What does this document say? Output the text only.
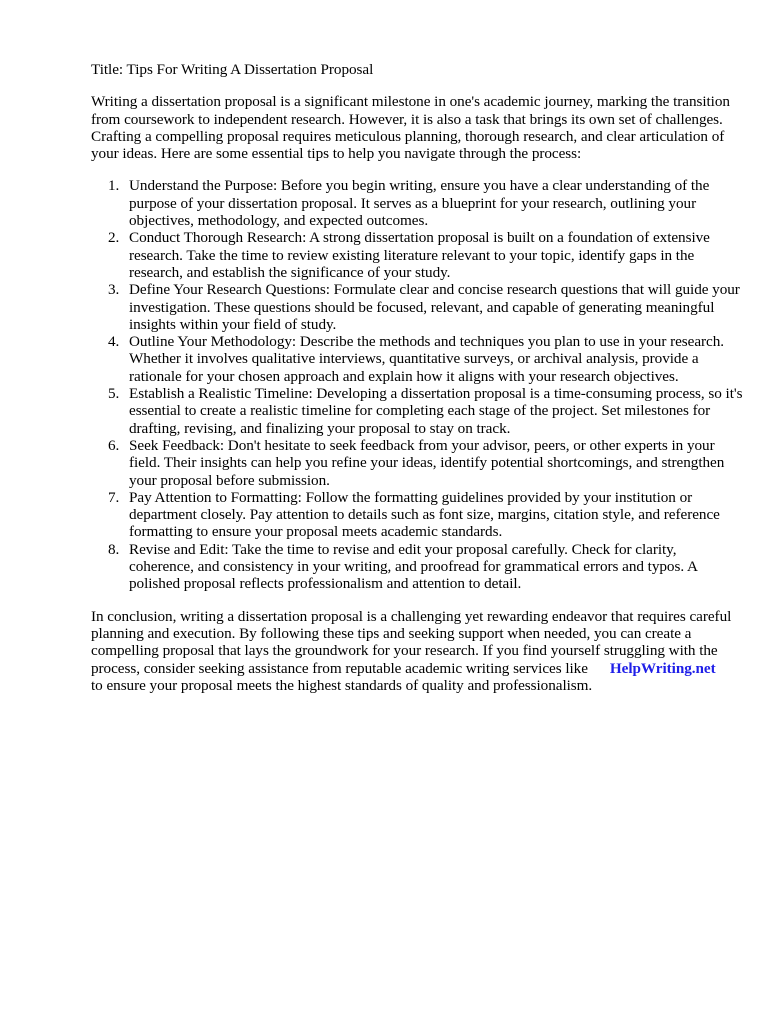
Title: Tips For Writing A Dissertation Proposal

Writing a dissertation proposal is a significant milestone in one's academic journey, marking the transition from coursework to independent research. However, it is also a task that brings its own set of challenges. Crafting a compelling proposal requires meticulous planning, thorough research, and clear articulation of your ideas. Here are some essential tips to help you navigate through the process:

1. Understand the Purpose: Before you begin writing, ensure you have a clear understanding of the purpose of your dissertation proposal. It serves as a blueprint for your research, outlining your objectives, methodology, and expected outcomes.
2. Conduct Thorough Research: A strong dissertation proposal is built on a foundation of extensive research. Take the time to review existing literature relevant to your topic, identify gaps in the research, and establish the significance of your study.
3. Define Your Research Questions: Formulate clear and concise research questions that will guide your investigation. These questions should be focused, relevant, and capable of generating meaningful insights within your field of study.
4. Outline Your Methodology: Describe the methods and techniques you plan to use in your research. Whether it involves qualitative interviews, quantitative surveys, or archival analysis, provide a rationale for your chosen approach and explain how it aligns with your research objectives.
5. Establish a Realistic Timeline: Developing a dissertation proposal is a time-consuming process, so it's essential to create a realistic timeline for completing each stage of the project. Set milestones for drafting, revising, and finalizing your proposal to stay on track.
6. Seek Feedback: Don't hesitate to seek feedback from your advisor, peers, or other experts in your field. Their insights can help you refine your ideas, identify potential shortcomings, and strengthen your proposal before submission.
7. Pay Attention to Formatting: Follow the formatting guidelines provided by your institution or department closely. Pay attention to details such as font size, margins, citation style, and reference formatting to ensure your proposal meets academic standards.
8. Revise and Edit: Take the time to revise and edit your proposal carefully. Check for clarity, coherence, and consistency in your writing, and proofread for grammatical errors and typos. A polished proposal reflects professionalism and attention to detail.

In conclusion, writing a dissertation proposal is a challenging yet rewarding endeavor that requires careful planning and execution. By following these tips and seeking support when needed, you can create a compelling proposal that lays the groundwork for your research. If you find yourself struggling with the process, consider seeking assistance from reputable academic writing services like HelpWriting.netto ensure your proposal meets the highest standards of quality and professionalism.
